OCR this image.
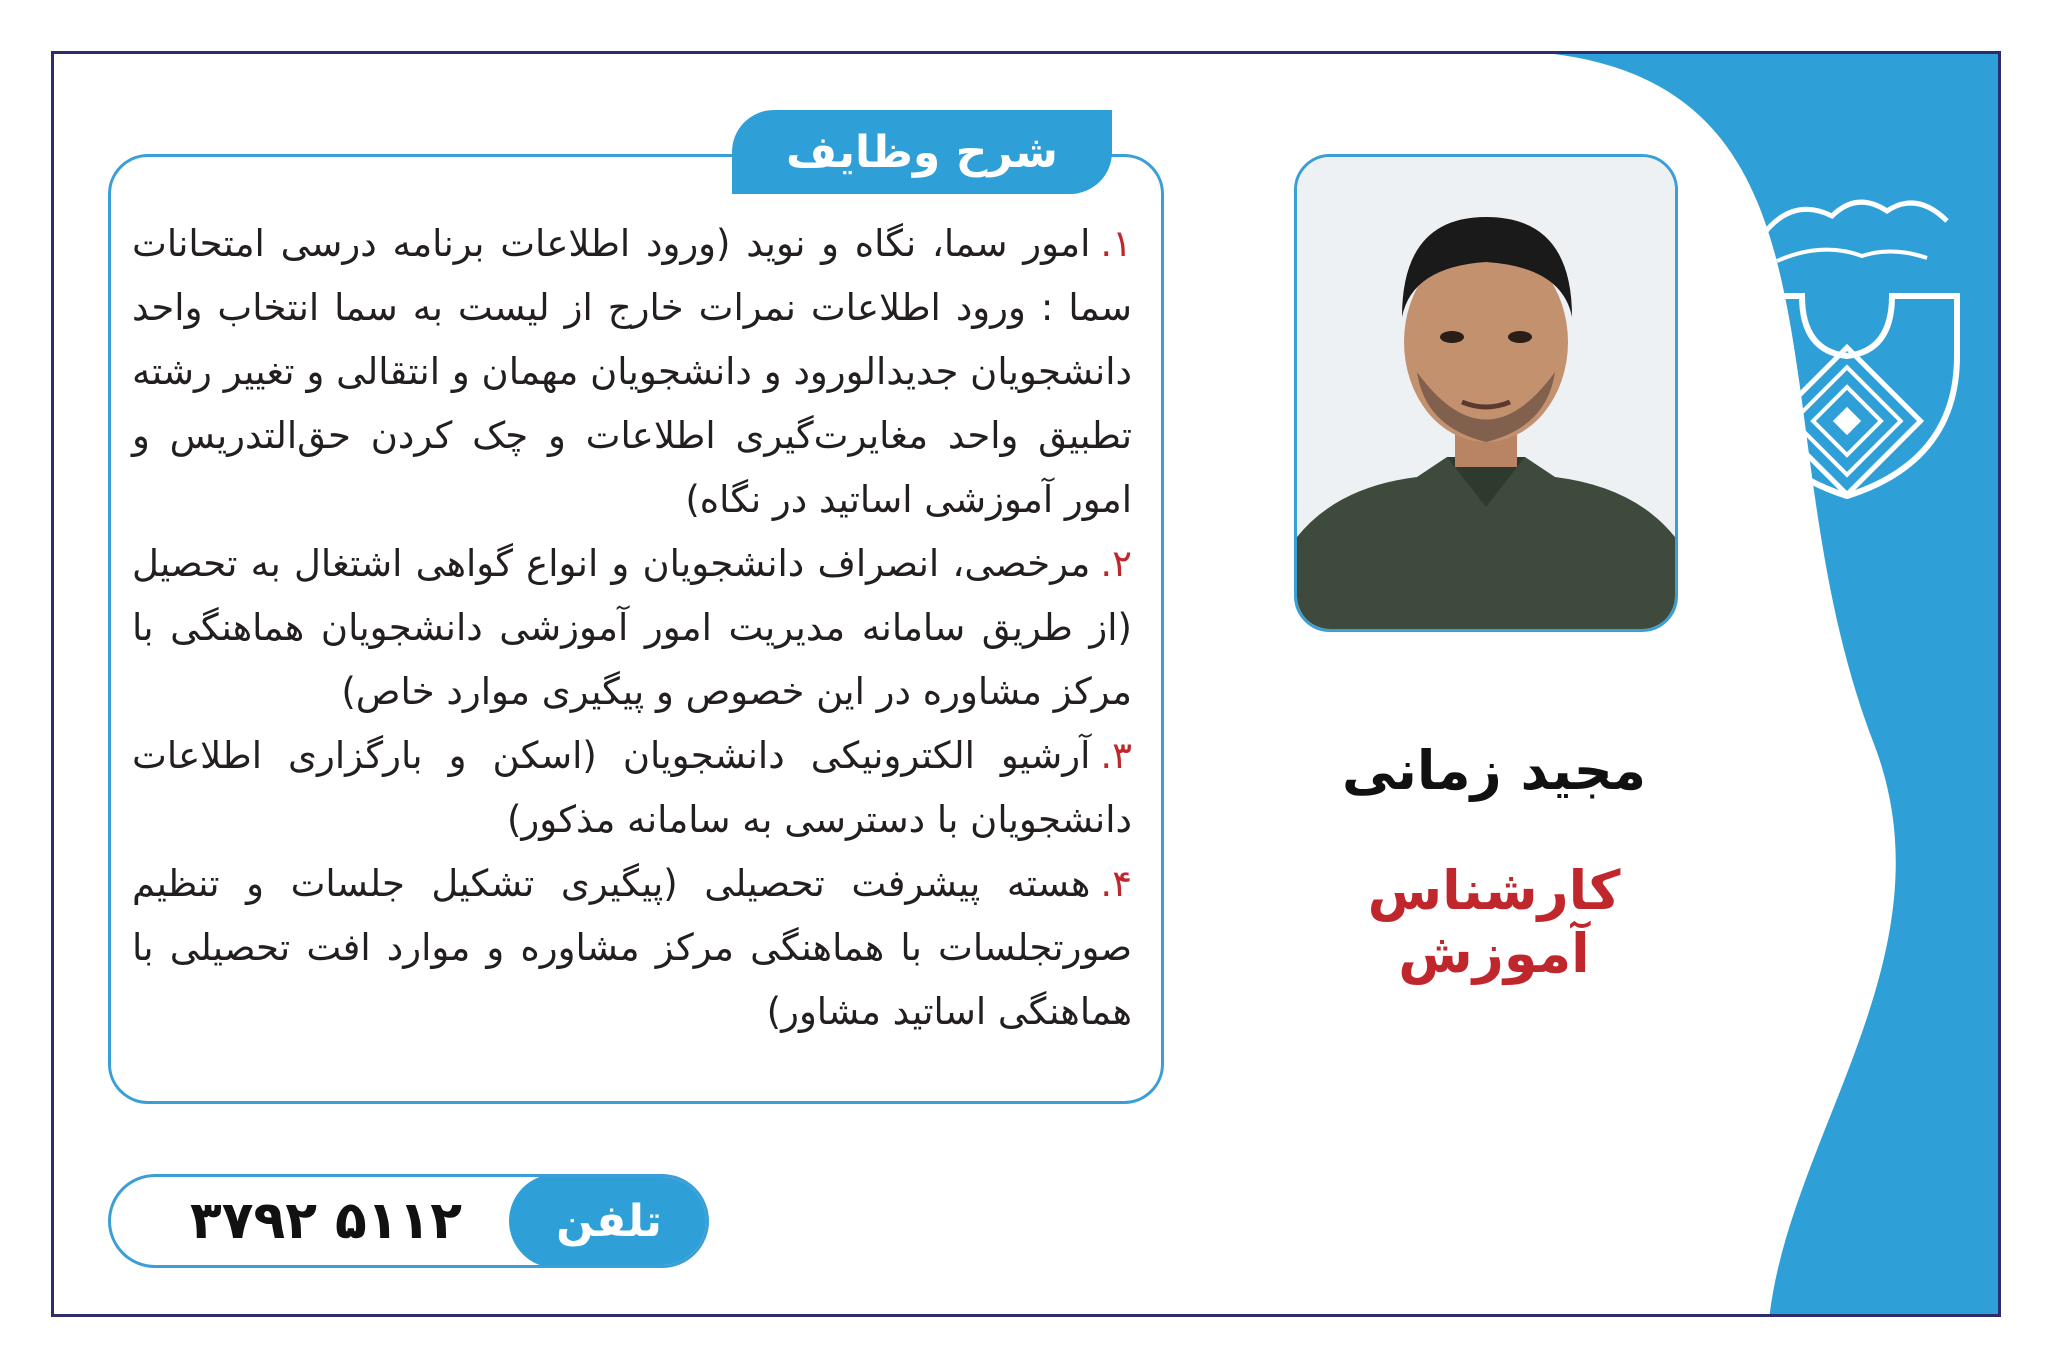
شرح وظایف

۱.امور سما، نگاه و نوید (ورود اطلاعات برنامه درسی امتحانات سما : ورود اطلاعات نمرات خارج از لیست به سما انتخاب واحد دانشجویان جدیدالورود و دانشجویان مهمان و انتقالی و تغییر رشته تطبیق واحد مغایرت‌گیری اطلاعات و چک کردن حق‌التدریس و امور آموزشی اساتید در نگاه)

۲.مرخصی، انصراف دانشجویان و انواع گواهی اشتغال به تحصیل (از طریق سامانه مدیریت امور آموزشی دانشجویان هماهنگی با مرکز مشاوره در این خصوص و پیگیری موارد خاص)

۳.آرشیو الکترونیکی دانشجویان (اسکن و بارگزاری اطلاعات دانشجویان با دسترسی به سامانه مذکور)

۴.هسته پیشرفت تحصیلی (پیگیری تشکیل جلسات و تنظیم صورتجلسات با هماهنگی مرکز مشاوره و موارد افت تحصیلی با هماهنگی اساتید مشاور)

مجید زمانی
کارشناس آموزش
۳۷۹۲ ۵۱۱۲	تلفن
